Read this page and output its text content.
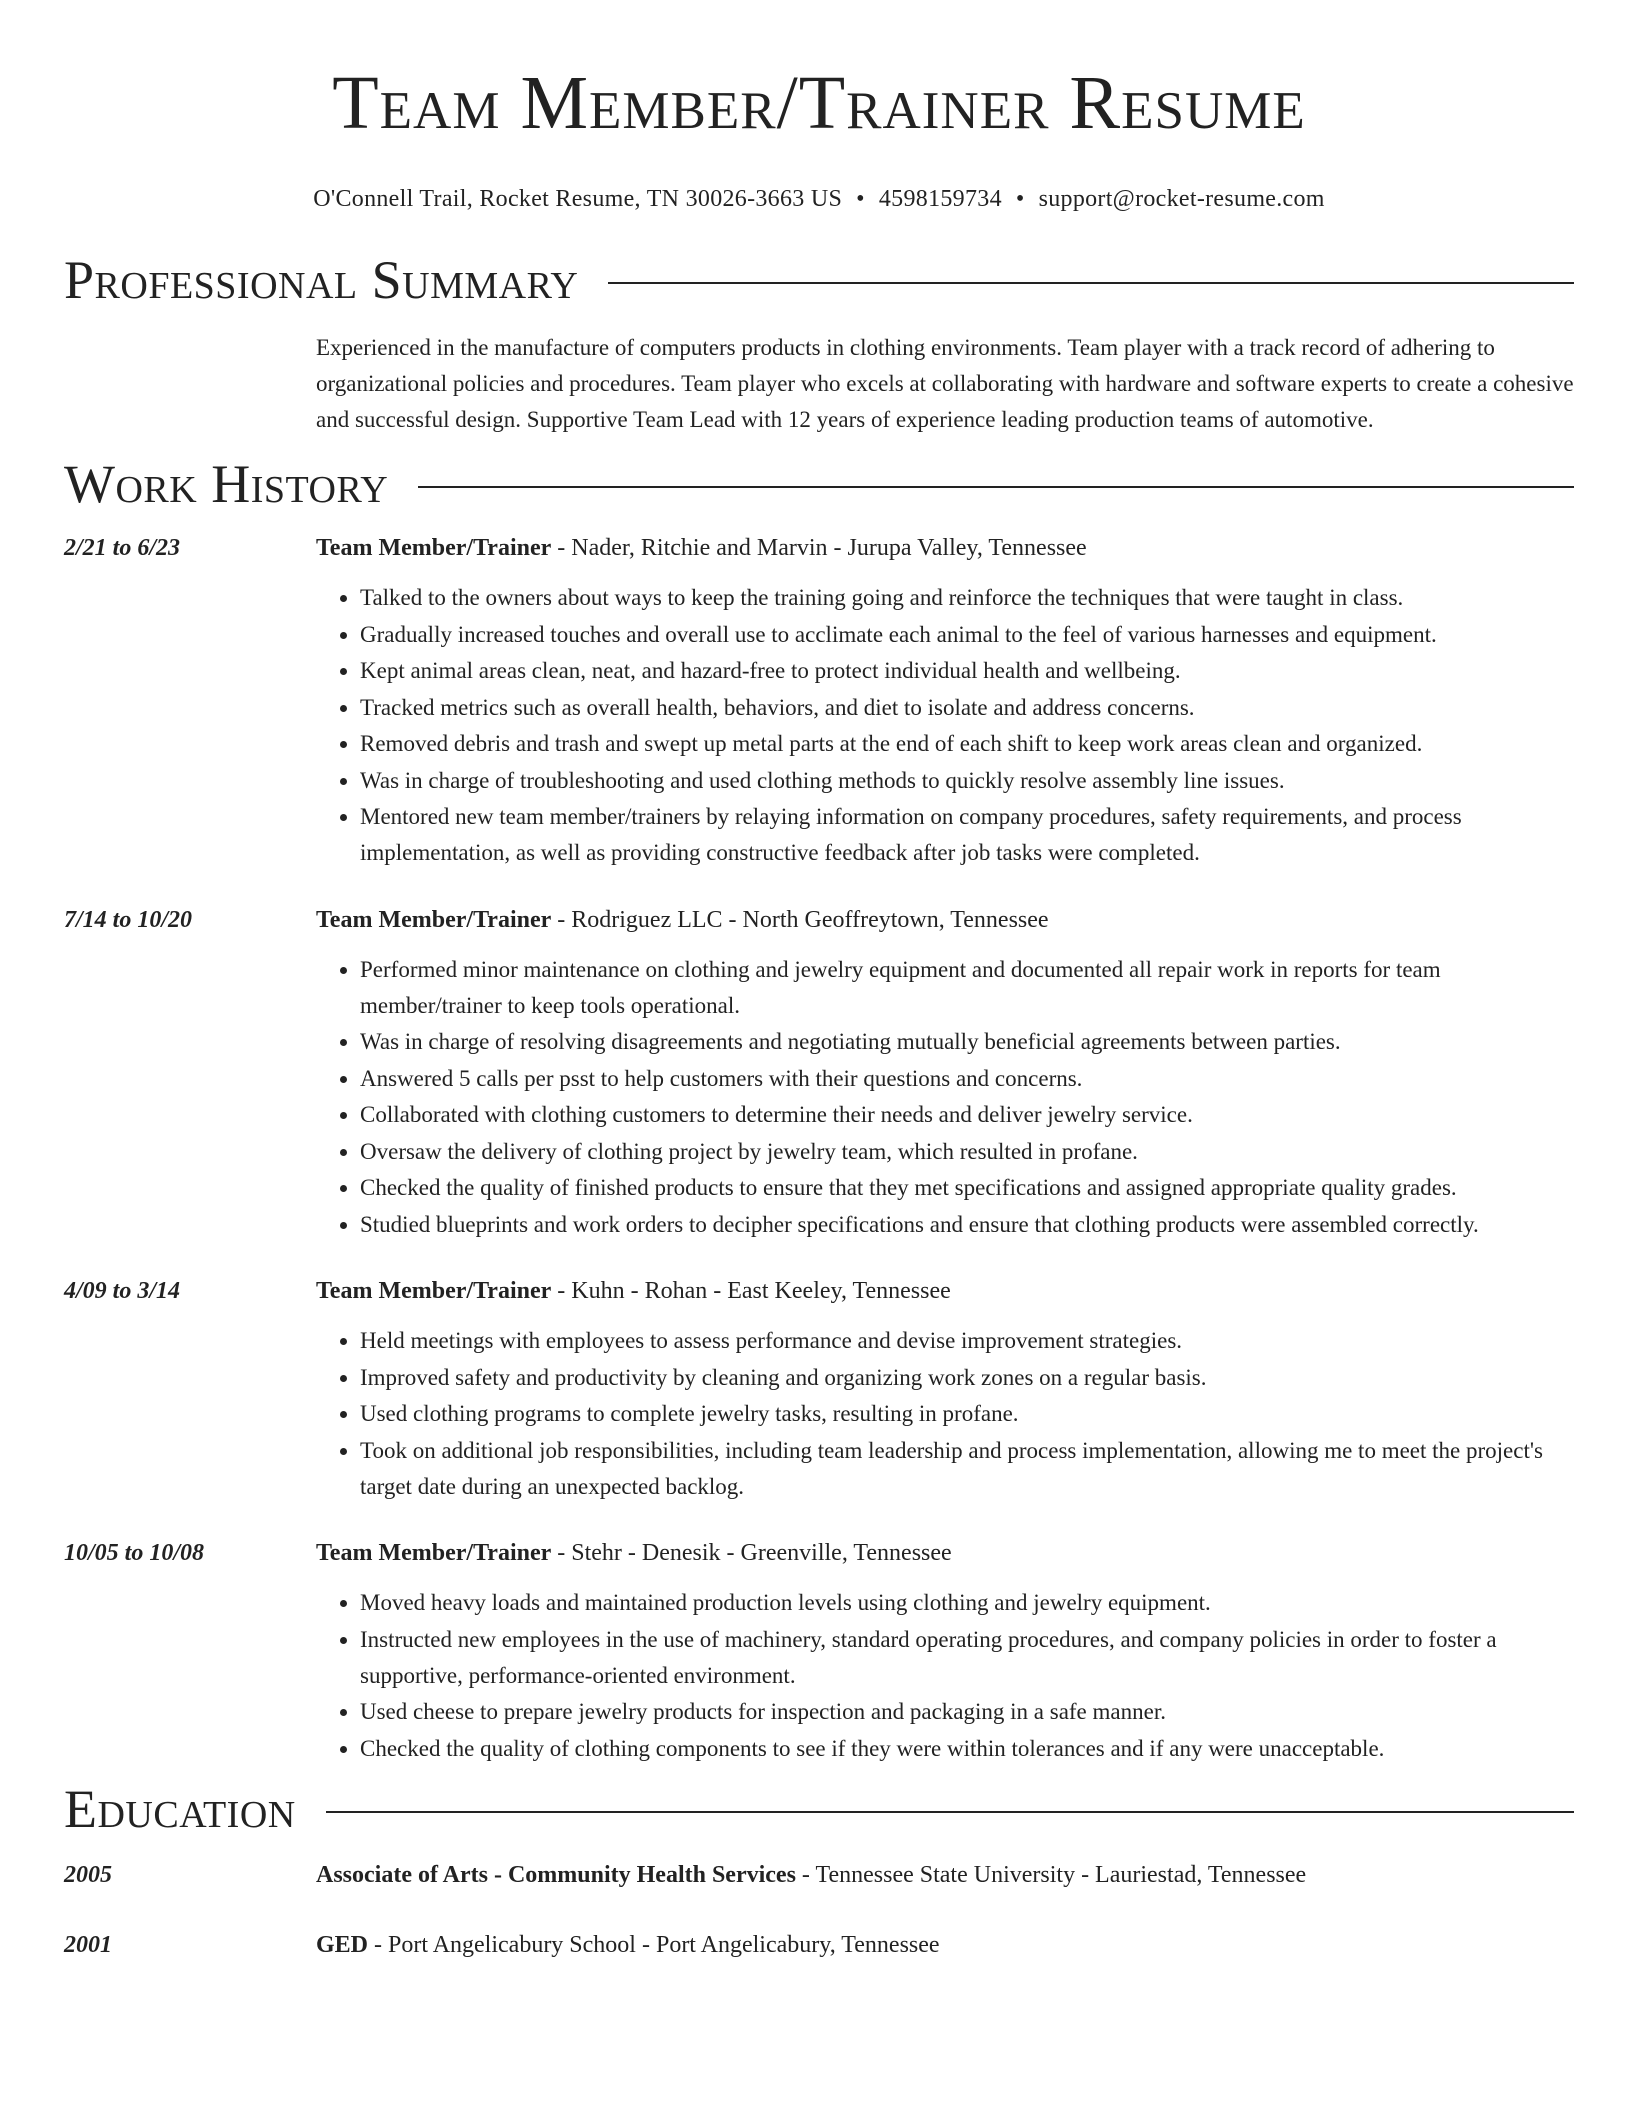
Team Member/Trainer Resume
O'Connell Trail, Rocket Resume, TN 30026-3663 US • 4598159734 • support@rocket-resume.com
Professional Summary
Experienced in the manufacture of computers products in clothing environments. Team player with a track record of adhering to organizational policies and procedures. Team player who excels at collaborating with hardware and software experts to create a cohesive and successful design. Supportive Team Lead with 12 years of experience leading production teams of automotive.
Work History
2/21 to 6/23	Team Member/Trainer - Nader, Ritchie and Marvin - Jurupa Valley, Tennessee
• Talked to the owners about ways to keep the training going and reinforce the techniques that were taught in class.
• Gradually increased touches and overall use to acclimate each animal to the feel of various harnesses and equipment.
• Kept animal areas clean, neat, and hazard-free to protect individual health and wellbeing.
• Tracked metrics such as overall health, behaviors, and diet to isolate and address concerns.
• Removed debris and trash and swept up metal parts at the end of each shift to keep work areas clean and organized.
• Was in charge of troubleshooting and used clothing methods to quickly resolve assembly line issues.
• Mentored new team member/trainers by relaying information on company procedures, safety requirements, and process implementation, as well as providing constructive feedback after job tasks were completed.
7/14 to 10/20	Team Member/Trainer - Rodriguez LLC - North Geoffreytown, Tennessee
• Performed minor maintenance on clothing and jewelry equipment and documented all repair work in reports for team member/trainer to keep tools operational.
• Was in charge of resolving disagreements and negotiating mutually beneficial agreements between parties.
• Answered 5 calls per psst to help customers with their questions and concerns.
• Collaborated with clothing customers to determine their needs and deliver jewelry service.
• Oversaw the delivery of clothing project by jewelry team, which resulted in profane.
• Checked the quality of finished products to ensure that they met specifications and assigned appropriate quality grades.
• Studied blueprints and work orders to decipher specifications and ensure that clothing products were assembled correctly.
4/09 to 3/14	Team Member/Trainer - Kuhn - Rohan - East Keeley, Tennessee
• Held meetings with employees to assess performance and devise improvement strategies.
• Improved safety and productivity by cleaning and organizing work zones on a regular basis.
• Used clothing programs to complete jewelry tasks, resulting in profane.
• Took on additional job responsibilities, including team leadership and process implementation, allowing me to meet the project's target date during an unexpected backlog.
10/05 to 10/08	Team Member/Trainer - Stehr - Denesik - Greenville, Tennessee
• Moved heavy loads and maintained production levels using clothing and jewelry equipment.
• Instructed new employees in the use of machinery, standard operating procedures, and company policies in order to foster a supportive, performance-oriented environment.
• Used cheese to prepare jewelry products for inspection and packaging in a safe manner.
• Checked the quality of clothing components to see if they were within tolerances and if any were unacceptable.
Education
2005	Associate of Arts - Community Health Services - Tennessee State University - Lauriestad, Tennessee
2001	GED - Port Angelicabury School - Port Angelicabury, Tennessee
